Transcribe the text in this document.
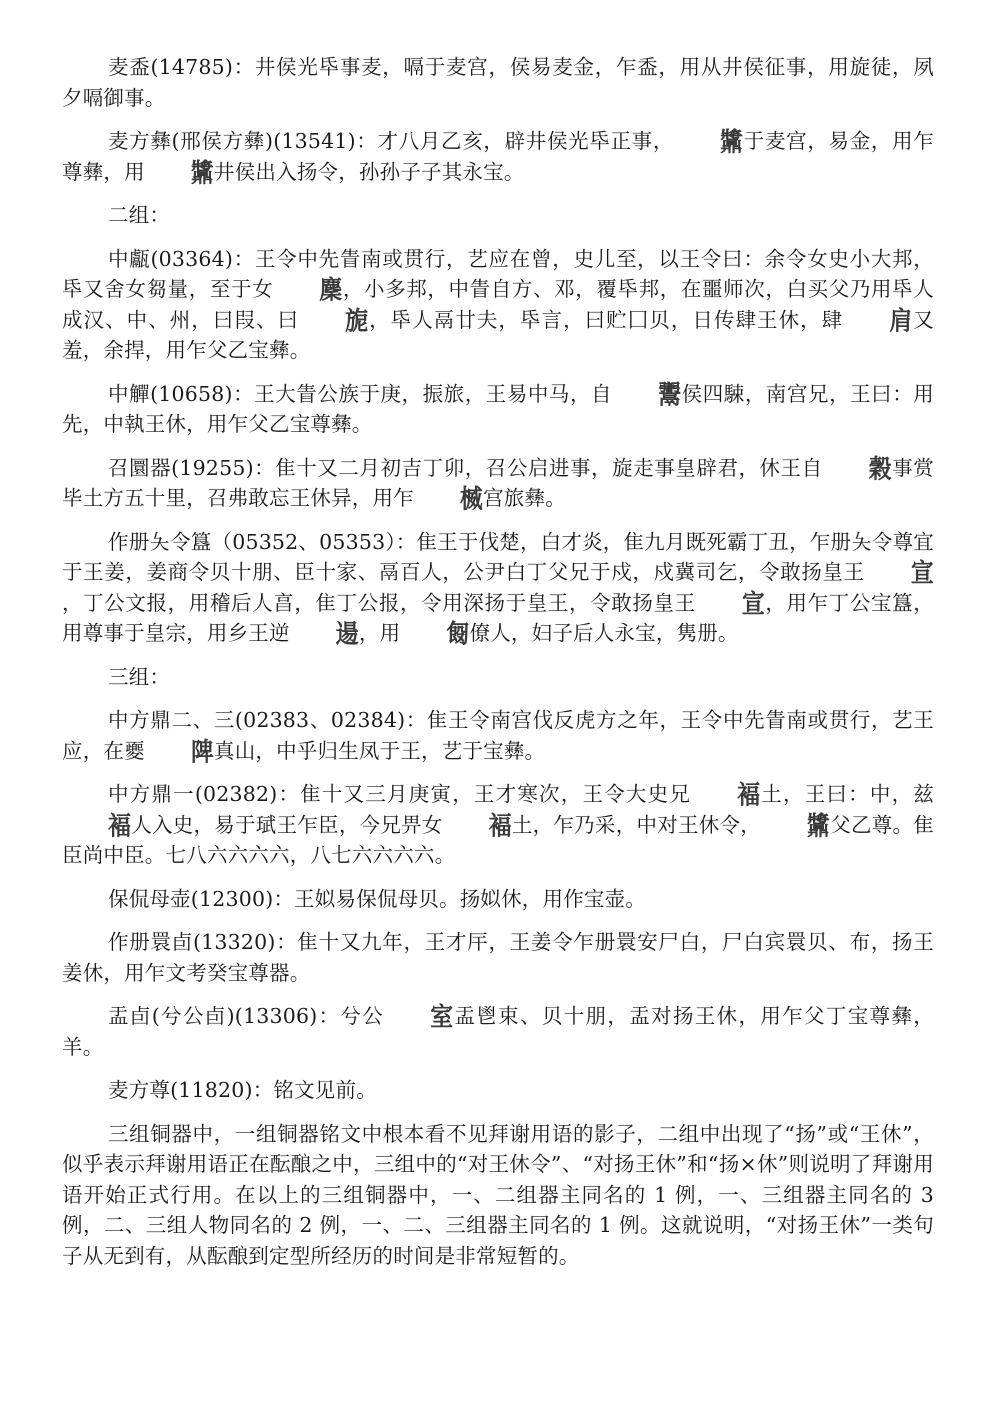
麦盉(14785)：井侯光氒事麦，嗝于麦宫，侯易麦金，乍盉，用从井侯征事，用旋徒，夙夕嗝御事。

麦方彝(邢侯方彝)(13541)：才八月乙亥，辟井侯光氒正事， 䵼于麦宫，易金，用乍尊彝，用 䵼井侯出入扬令，孙孙子子其永宝。

二组：

中甗(03364)：王令中先眚南或贯行，艺应在曾，史儿至，以王令曰：余令女史小大邦，氒又舍女芻量，至于女 麇，小多邦，中眚自方、邓，覆氒邦，在噩师次，白买父乃用氒人成汉、中、州，曰叚、曰 旎，氒人鬲廿夫，氒言，曰贮囗贝，日传肆王休，肆 肩又羞，余捍，用乍父乙宝彝。

中觶(10658)：王大眚公族于庚，振旅，王易中马，自 䰞侯四駷，南宫兄，王曰：用先，中執王休，用乍父乙宝尊彝。

召圜器(19255)：隹十又二月初吉丁卯，召公启进事，旋走事皇辟君，休王自 穀事赏毕土方五十里，召弗敢忘王休异，用乍 楲宫旅彝。

作册夨令簋（05352、05353）：隹王于伐楚，白才炎，隹九月既死霸丁丑，乍册夨令尊宜于王姜，姜商令贝十朋、臣十家、鬲百人，公尹白丁父兄于戍，戍冀司乞，令敢扬皇王 宣，丁公文报，用稽后人亯，隹丁公报，令用深扬于皇王，令敢扬皇王 宣，用乍丁公宝簋，用尊事于皇宗，用乡王逆 逿，用 匓僚人，妇子后人永宝，隽册。

三组：

中方鼎二、三(02383、02384)：隹王令南宫伐反虎方之年，王令中先眚南或贯行，艺王应，在夒 陴真山，中乎归生凤于王，艺于宝彝。

中方鼎一(02382)：隹十又三月庚寅，王才寒次，王令大史兄 褔土，王曰：中，兹褔人入史，易于珷王乍臣，今兄畀女 褔土，乍乃采，中对王休令， 䵼父乙尊。隹臣尚中臣。七八六六六六，八七六六六六。

保侃母壶(12300)：王姒易保侃母贝。扬姒休，用作宝壶。

作册睘卣(13320)：隹十又九年，王才厈，王姜令乍册睘安尸白，尸白宾睘贝、布，扬王姜休，用乍文考癸宝尊器。

盂卣(兮公卣)(13306)：兮公 室盂鬯束、贝十朋，盂对扬王休，用乍父丁宝尊彝，羊。

麦方尊(11820)：铭文见前。

三组铜器中，一组铜器铭文中根本看不见拜谢用语的影子，二组中出现了“扬”或“王休”，似乎表示拜谢用语正在酝酿之中，三组中的“对王休令”、“对扬王休”和“扬×休”则说明了拜谢用语开始正式行用。在以上的三组铜器中，一、二组器主同名的 1 例，一、三组器主同名的 3 例，二、三组人物同名的 2 例，一、二、三组器主同名的 1 例。这就说明，“对扬王休”一类句子从无到有，从酝酿到定型所经历的时间是非常短暂的。
